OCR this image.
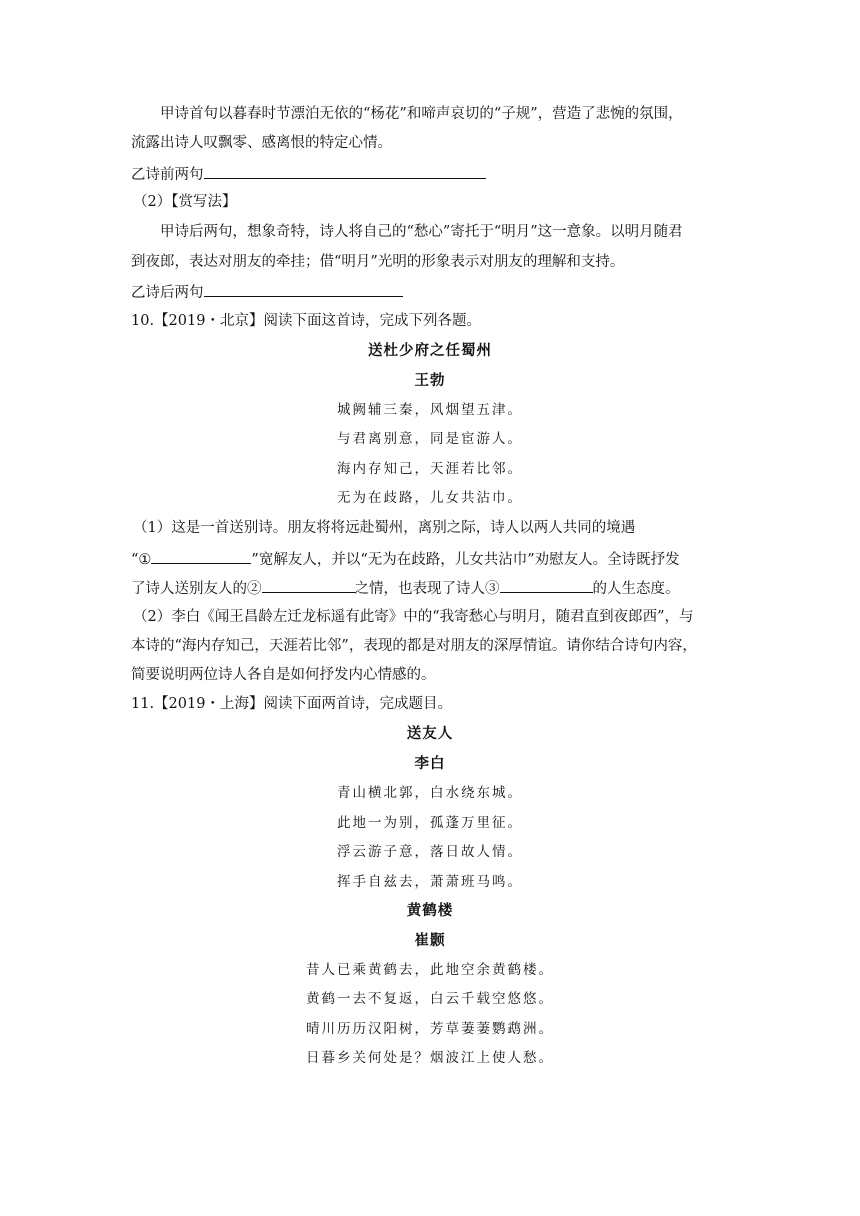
甲诗首句以暮春时节漂泊无依的“杨花”和啼声哀切的“子规”，营造了悲惋的氛围，
流露出诗人叹飘零、感离恨的特定心情。
乙诗前两句
（2）【赏写法】
甲诗后两句，想象奇特，诗人将自己的“愁心”寄托于“明月”这一意象。以明月随君
到夜郎，表达对朋友的牵挂；借“明月”光明的形象表示对朋友的理解和支持。
乙诗后两句
10.【2019・北京】阅读下面这首诗，完成下列各题。
送杜少府之任蜀州
王勃
城阙辅三秦，风烟望五津。
与君离别意，同是宦游人。
海内存知己，天涯若比邻。
无为在歧路，儿女共沾巾。
（1）这是一首送别诗。朋友将将远赴蜀州，离别之际，诗人以两人共同的境遇
“①	”宽解友人，并以“无为在歧路，儿女共沾巾”劝慰友人。全诗既抒发
了诗人送别友人的②	之情，也表现了诗人③	的人生态度。
（2）李白《闻王昌龄左迁龙标遥有此寄》中的“我寄愁心与明月，随君直到夜郎西”，与
本诗的“海内存知己，天涯若比邻”，表现的都是对朋友的深厚情谊。请你结合诗句内容，
简要说明两位诗人各自是如何抒发内心情感的。
11.【2019・上海】阅读下面两首诗，完成题目。
送友人
李白
青山横北郭，白水绕东城。
此地一为别，孤蓬万里征。
浮云游子意，落日故人情。
挥手自兹去，萧萧班马鸣。
黄鹤楼
崔颢
昔人已乘黄鹤去，此地空余黄鹤楼。
黄鹤一去不复返，白云千载空悠悠。
晴川历历汉阳树，芳草萋萋鹦鹉洲。
日暮乡关何处是？烟波江上使人愁。
